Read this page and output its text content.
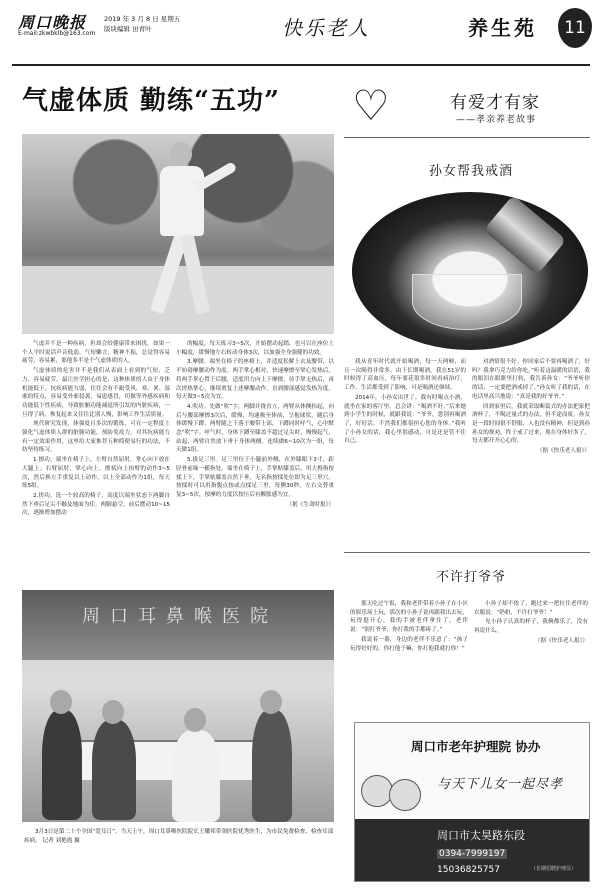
周口晚报	2019 年 3 月 8 日 星期五
E-mail:zkwbklb@163.com
版块编辑 田青叶	快乐老人	养生苑	11
气虚体质 勤练“五功”

气虚并不是一种疾病，但却会给健康带来困扰。如果一个人平时说话声音低弱、气短懒言、精神不振，总觉得容易疲劳，容易累，那他多半是个气虚体质的人。

气虚体质的危害并不是我们从表面上看到的气短、乏力、容易疲劳，最让医学担心的是，这种体质的人由于身体机能低下，抗疾病能力弱，往往会有不耐受风、寒、暑、湿邪的特点，容易受外邪侵袭，易患感冒，切做等外感疾病和功能低下性疾病，导致脏腑功能减退所引发的内脏疾病，一旦得了病，恢复起来又往往比别人慢，影响工作生活质量。

现代研究发现，体强度且多次的锻炼，可在一定程度上强化气虚体质人群的脏腑功能，预防免疫力。对其抗病能力有一定效果作用。这里给大家推荐五种简便易行的功法，不妨坚持练习。

1.擦功。端坐在椅子上，左臂自然屈肘，掌心向下放在大腿上；右臂屈肘，掌心向上，擦拭向上抬臂的动作3~5次，然后换左手重复以上动作，以上全部动作为1组，每天练5组。

2.搓功。选一个较高的椅子，高度以端坐状态下两脚自然下垂后足尖不触及地面为佳。两脚悬空，前后摆动10~15次，逐渐增加摆动

的幅度，每天练习3~5次，开始摆动起踏，也可以在座位上小幅度，缓慢地左右转动身体3次，以加强全身强健的功效。

3.摩腰。端坐在椅子的座椅上，并适度松解上衣及腰带，以不妨碍摩腰动作为度。两手掌心相对，快速摩擦至掌心发热后，将两手掌心置于后腰，适度用力向上下摩擦，待手掌无热后，再次搓热掌心，继续重复上述摩腰动作，直到腰部感觉发热为度。每天做3~5次为宜。

4.吹功。先做“吹”字，两脚并拢直立，两臂从体侧抬起，向后与腰部摩擦3次后，缓慢，均速吸至体前，呈抱球状，随后身体缓慢下蹲，两臂随之下落于腰带上部，下蹲同时呼气，心中默念“吹”字。呼气时，身体下蹲至膝盖不超过足尖时，慢慢起气，站起，两臂自然放下垂于身体两侧。连续做6~10次为一组，每天做1组。

5.拔足三里。足三里位于小腿前外侧，在外膝眼下3寸，距胫骨前缘一横指处。端坐在椅子上，手掌贴膝盖后，用大拇指按揉上下，手掌贴膝盖自然下垂，无名指按揉处位即为足三里穴。按揉时可以用指腹点按或点揉足三里，每侧30秒，左右交替重复3~5次，按摩的力度以按压后有酸胀感为宜。

（据《生命时报》）
周口耳鼻喉医院
3月3日是第二十个全国“爱耳日”。当天上午，周口耳鼻喉医院院长王耀邦带领医院优秀医生，为市民免费检查、检查耳部疾病。 记者 刘艳霞 摄
♡	有爱才有家
——孝亲养老故事
孙女帮我戒酒

我从青年时代就开始喝酒，每一天两顿，而且一次喝得非常多。由于长期喝酒，我在51岁的时候得了高血压，每年要花很多时间看病治疗，工作、生活都受到了影响，可是喝酒还继续。

2014年，小孙女出世了。我有时喝点小酒，就坐在家的客厅里，总会讲：“喝酒不好。”后来她到小学生的时候，就跟我说：“爷爷，您别再喝酒了，好好活，不然我们都很担心您的身体。”我听了小孙女的话，我心里很感动，可是还是管不住自己。

对酒情很不好。你回家后不要再喝酒了，好吗？我拿巧克力给你吃。”听着这温暖的话语，我的眼泪在眼眶里打转，我告诉孙女：“爷爷听你的话，一定要把酒戒掉了。”孙女听了我的话，在电话里高兴地说：“真是我的好爷爷。”

回到家里后，我就采取断篇式的办法把家把酒杯了，不喝过量式的办法，但半途而废。孙女是一段时间很不舒服，人也没有精神，但是到孙孙女的规劝，终于戒了过来，现在身体好多了，每天都开开心心的。

（据《快乐老人报》）
不许打爷爷

那天吃过午饭，我和老伴带着小孙子在小区的娱乐场上玩，那次的小孙子说再跟我出去玩，玩得挺开心，我的手被老伴拿住了，老伴说：“别打爷爷，你打我的手都疼了。”

我说着一番，身边的老伴不乐意了：“孩子玩得好好的，你打他干嘛，你打他我就打你！”

小孙子却不依了，跑过来一把拉住老伴的衣服说：“奶奶，不许打爷爷！”

见小孙子认真的样子，我俩都乐了，没有再说什么。

（据《快乐老人报》）
周口市老年护理院 协办
与天下儿女一起尽孝
周口市太昊路东段
0394-7999197
15036825757	（长期招聘护理员）
